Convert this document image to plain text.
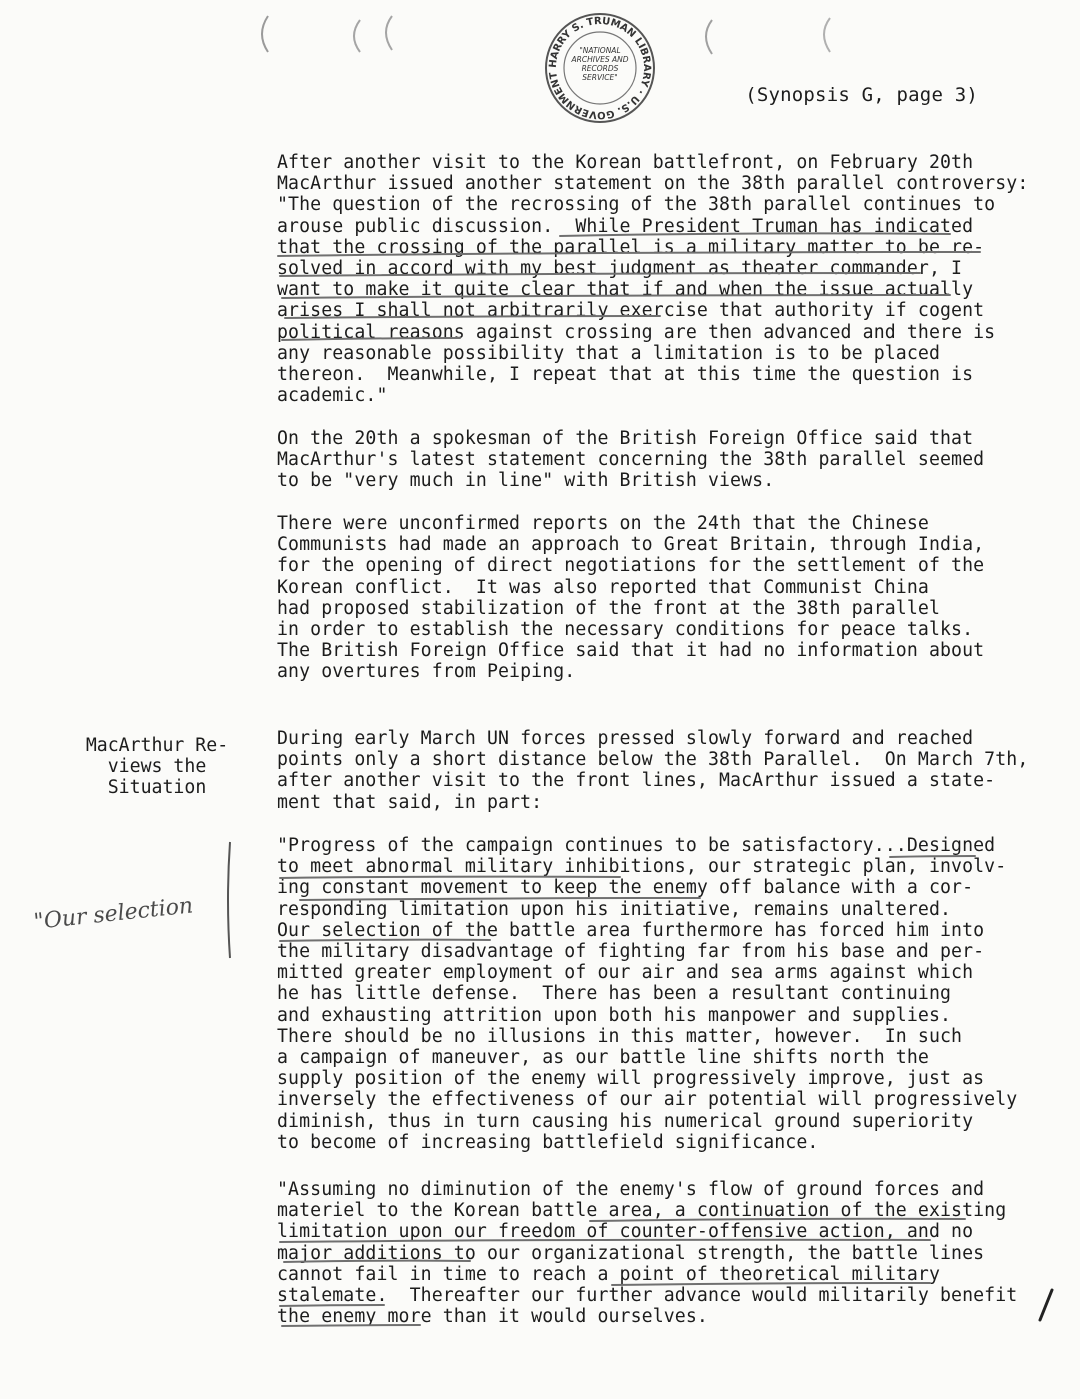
HARRY S. TRUMAN LIBRARY · U.S. GOVERNMENT
"NATIONAL ARCHIVES AND RECORDS SERVICE"
(Synopsis G, page 3)
After another visit to the Korean battlefront, on February 20th
MacArthur issued another statement on the 38th parallel controversy:
"The question of the recrossing of the 38th parallel continues to
arouse public discussion.  While President Truman has indicated
that the crossing of the parallel is a military matter to be re-
solved in accord with my best judgment as theater commander, I
want to make it quite clear that if and when the issue actually
arises I shall not arbitrarily exercise that authority if cogent
political reasons against crossing are then advanced and there is
any reasonable possibility that a limitation is to be placed
thereon.  Meanwhile, I repeat that at this time the question is
academic."
On the 20th a spokesman of the British Foreign Office said that
MacArthur's latest statement concerning the 38th parallel seemed
to be "very much in line" with British views.
There were unconfirmed reports on the 24th that the Chinese
Communists had made an approach to Great Britain, through India,
for the opening of direct negotiations for the settlement of the
Korean conflict.  It was also reported that Communist China
had proposed stabilization of the front at the 38th parallel
in order to establish the necessary conditions for peace talks.
The British Foreign Office said that it had no information about
any overtures from Peiping.
MacArthur Re-
views the
Situation
During early March UN forces pressed slowly forward and reached
points only a short distance below the 38th Parallel.  On March 7th,
after another visit to the front lines, MacArthur issued a state-
ment that said, in part:
"Progress of the campaign continues to be satisfactory...Designed
to meet abnormal military inhibitions, our strategic plan, involv-
ing constant movement to keep the enemy off balance with a cor-
responding limitation upon his initiative, remains unaltered.
Our selection of the battle area furthermore has forced him into
the military disadvantage of fighting far from his base and per-
mitted greater employment of our air and sea arms against which
he has little defense.  There has been a resultant continuing
and exhausting attrition upon both his manpower and supplies.
There should be no illusions in this matter, however.  In such
a campaign of maneuver, as our battle line shifts north the
supply position of the enemy will progressively improve, just as
inversely the effectiveness of our air potential will progressively
diminish, thus in turn causing his numerical ground superiority
to become of increasing battlefield significance.
"Assuming no diminution of the enemy's flow of ground forces and
materiel to the Korean battle area, a continuation of the existing
limitation upon our freedom of counter-offensive action, and no
major additions to our organizational strength, the battle lines
cannot fail in time to reach a point of theoretical military
stalemate.  Thereafter our further advance would militarily benefit
the enemy more than it would ourselves.
"Our selection
